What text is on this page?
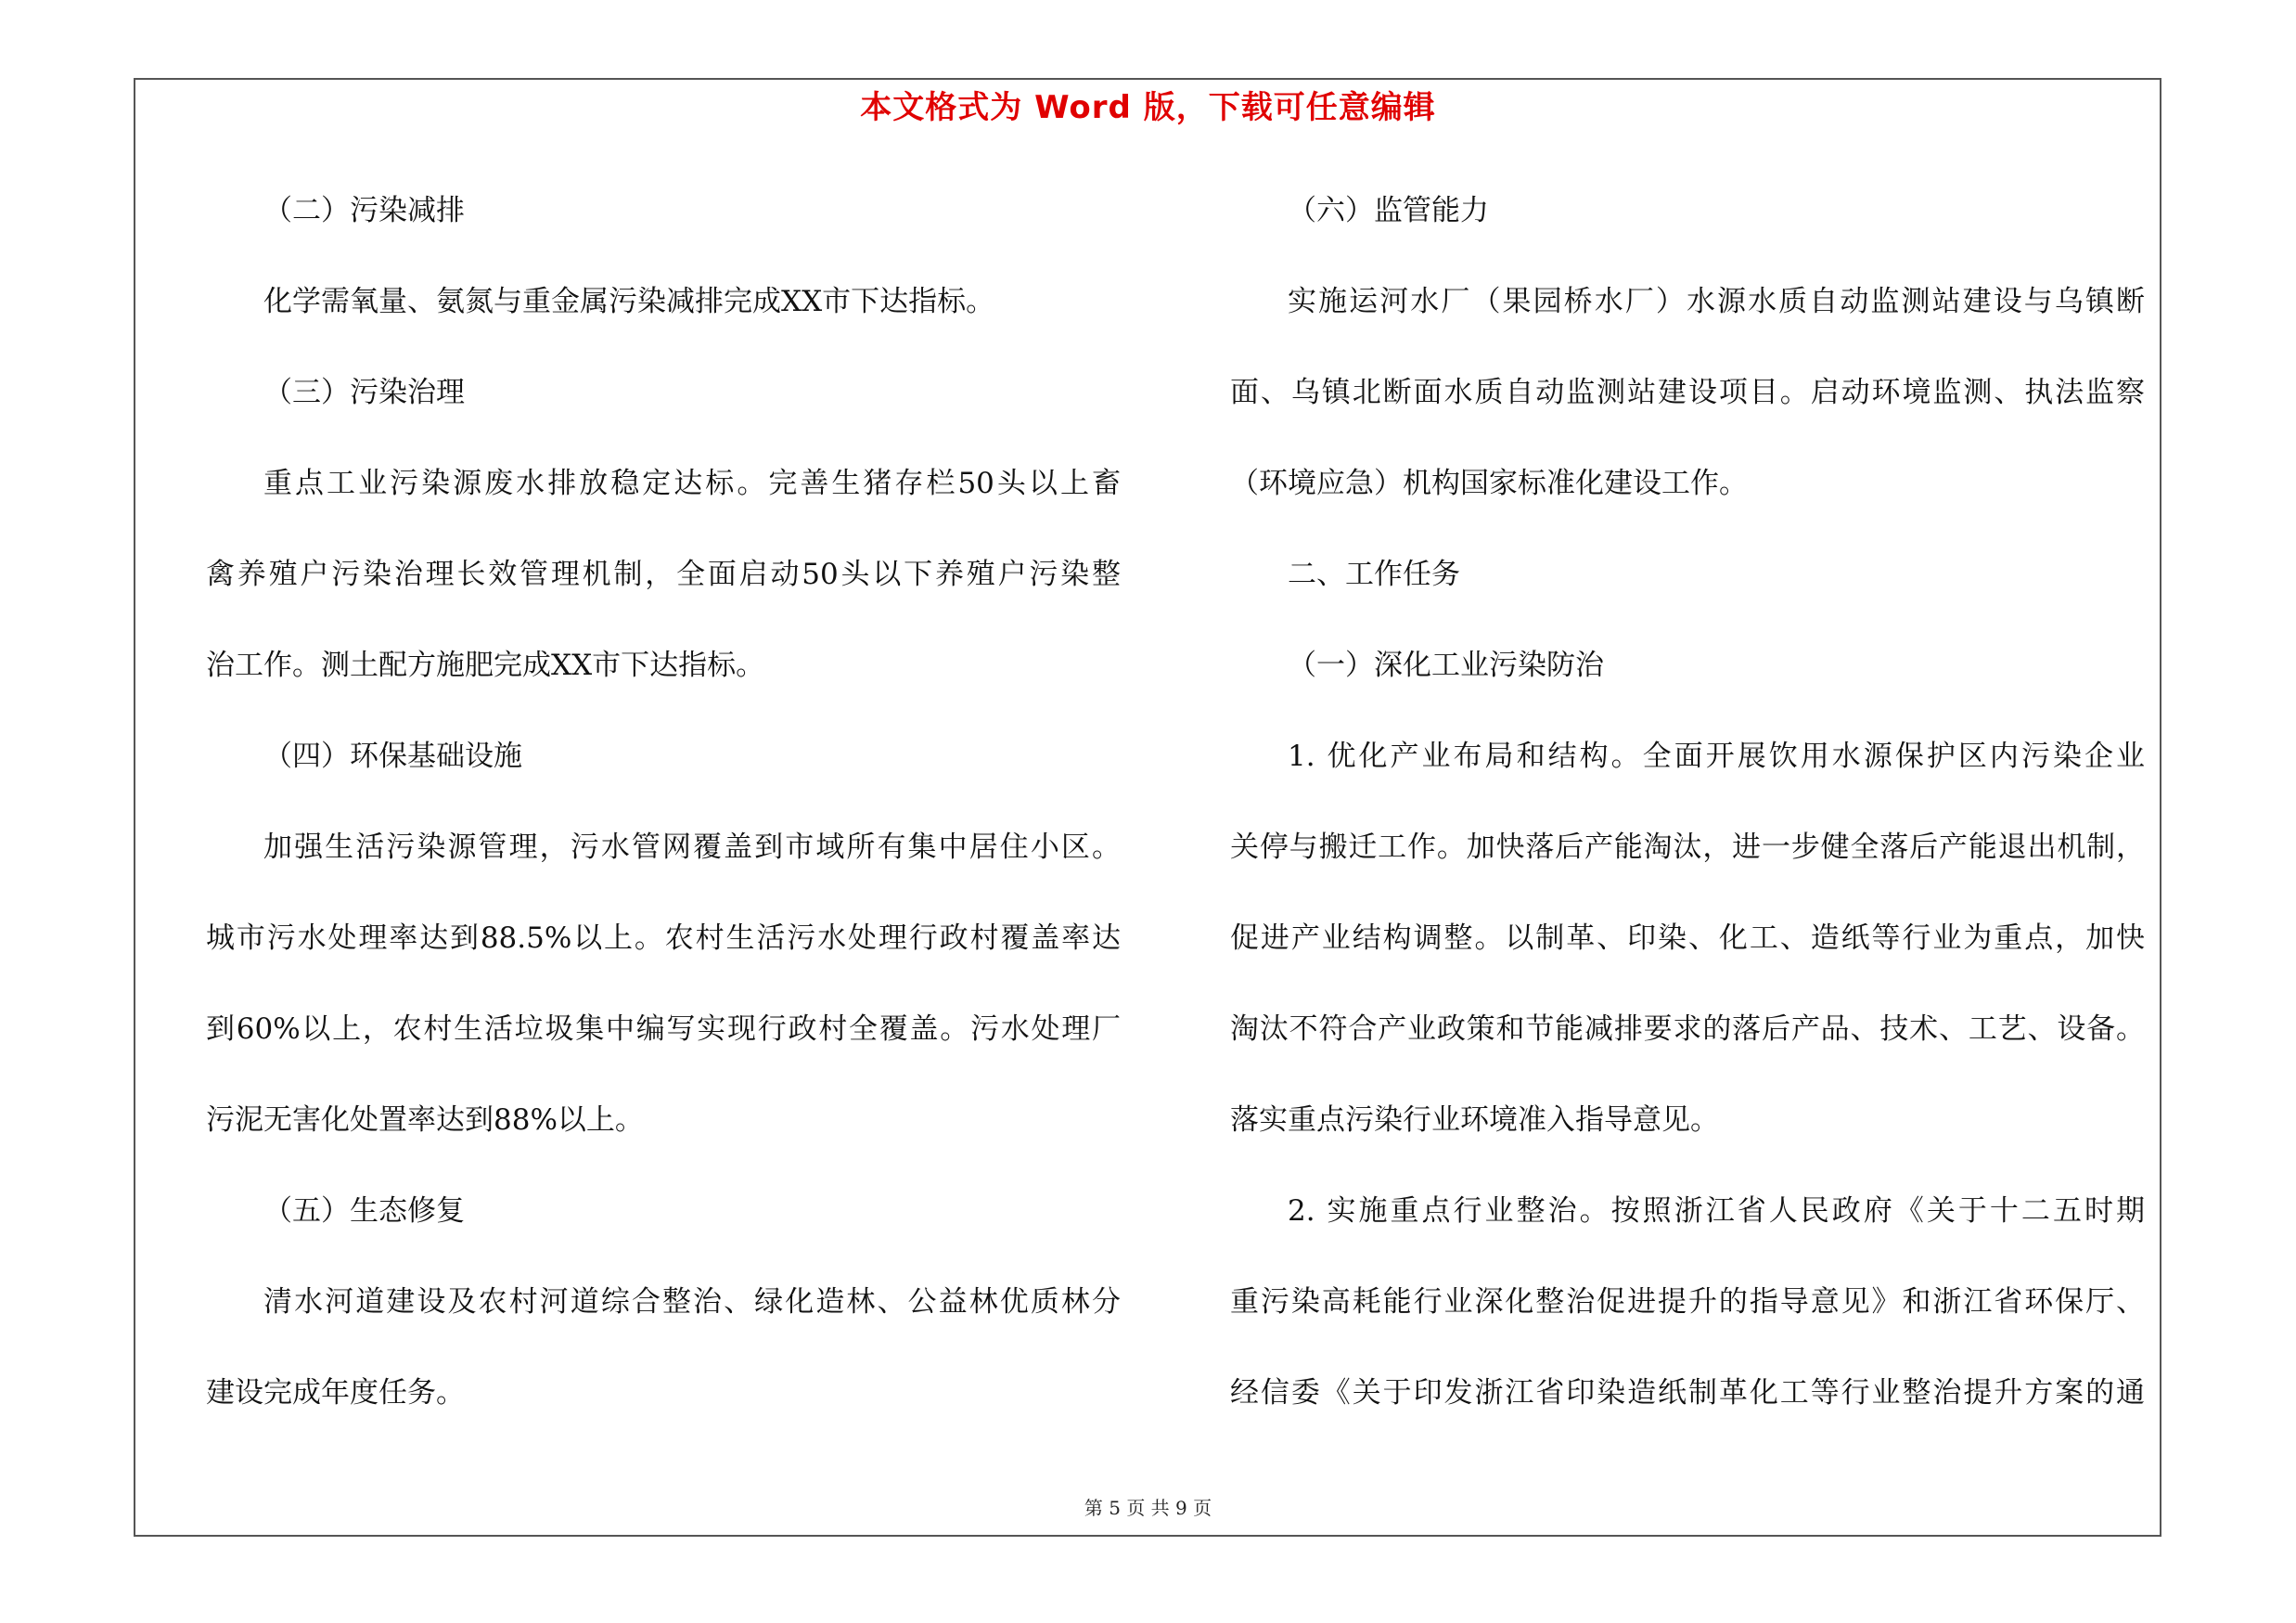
本文格式为 Word 版，下载可任意编辑
（二）污染减排
化学需氧量、氨氮与重金属污染减排完成XX市下达指标。
（三）污染治理
重点工业污染源废水排放稳定达标。完善生猪存栏50头以上畜
禽养殖户污染治理长效管理机制，全面启动50头以下养殖户污染整
治工作。测土配方施肥完成XX市下达指标。
（四）环保基础设施
加强生活污染源管理，污水管网覆盖到市域所有集中居住小区。
城市污水处理率达到88.5%以上。农村生活污水处理行政村覆盖率达
到60%以上，农村生活垃圾集中编写实现行政村全覆盖。污水处理厂
污泥无害化处置率达到88%以上。
（五）生态修复
清水河道建设及农村河道综合整治、绿化造林、公益林优质林分
建设完成年度任务。
（六）监管能力
实施运河水厂（果园桥水厂）水源水质自动监测站建设与乌镇断
面、乌镇北断面水质自动监测站建设项目。启动环境监测、执法监察
（环境应急）机构国家标准化建设工作。
二、工作任务
（一）深化工业污染防治
1. 优化产业布局和结构。全面开展饮用水源保护区内污染企业
关停与搬迁工作。加快落后产能淘汰，进一步健全落后产能退出机制，
促进产业结构调整。以制革、印染、化工、造纸等行业为重点，加快
淘汰不符合产业政策和节能减排要求的落后产品、技术、工艺、设备。
落实重点污染行业环境准入指导意见。
2. 实施重点行业整治。按照浙江省人民政府《关于十二五时期
重污染高耗能行业深化整治促进提升的指导意见》和浙江省环保厅、
经信委《关于印发浙江省印染造纸制革化工等行业整治提升方案的通
第 5 页 共 9 页
